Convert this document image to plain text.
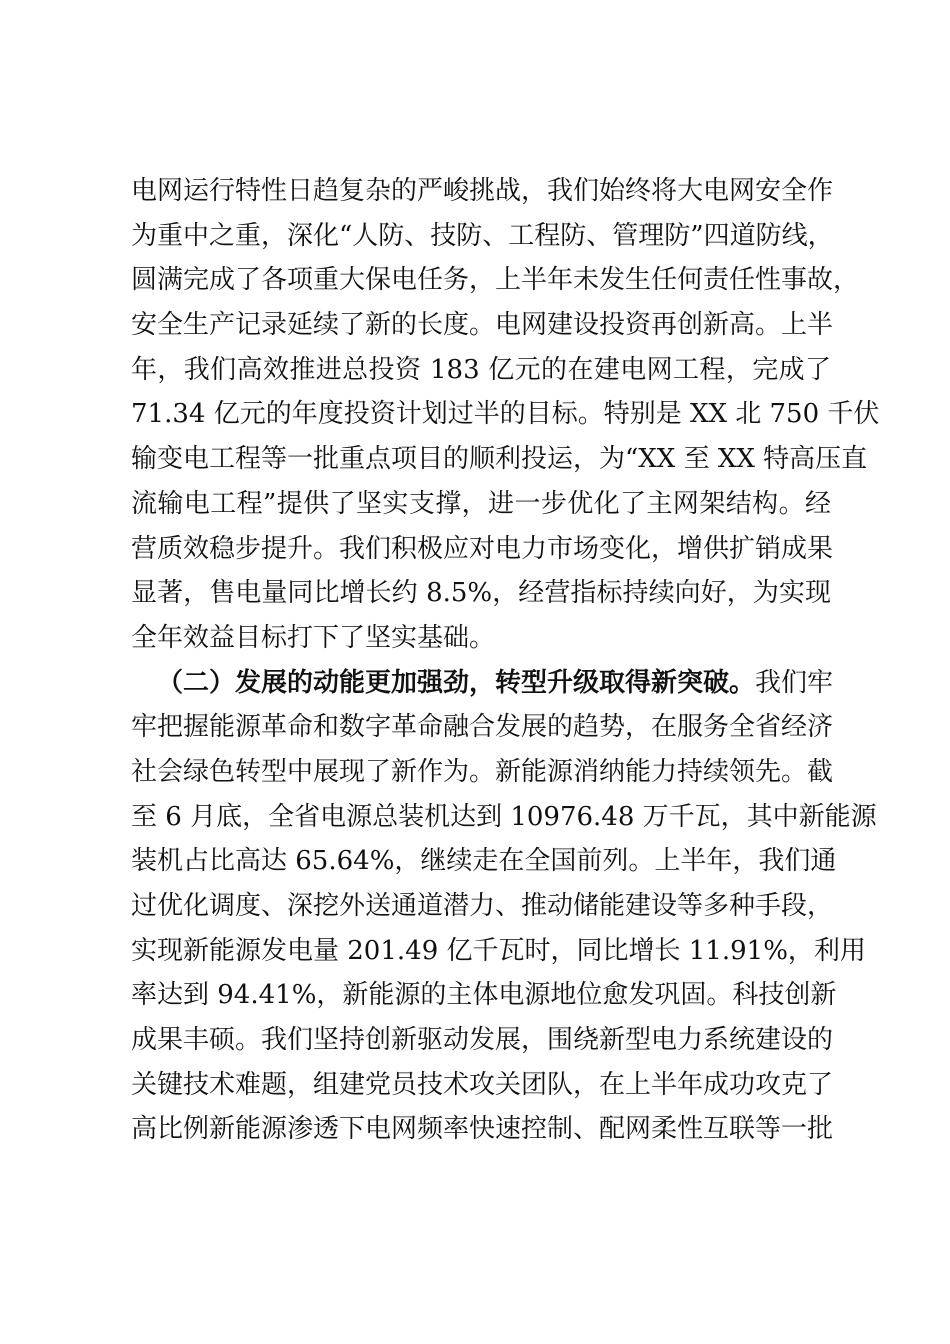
电网运行特性日趋复杂的严峻挑战，我们始终将大电网安全作
为重中之重，深化“人防、技防、工程防、管理防”四道防线，
圆满完成了各项重大保电任务，上半年未发生任何责任性事故，
安全生产记录延续了新的长度。电网建设投资再创新高。上半
年，我们高效推进总投资 183 亿元的在建电网工程，完成了
71.34 亿元的年度投资计划过半的目标。特别是 XX 北 750 千伏
输变电工程等一批重点项目的顺利投运，为“XX 至 XX 特高压直
流输电工程”提供了坚实支撑，进一步优化了主网架结构。经
营质效稳步提升。我们积极应对电力市场变化，增供扩销成果
显著，售电量同比增长约 8.5%，经营指标持续向好，为实现
全年效益目标打下了坚实基础。
（二）发展的动能更加强劲，转型升级取得新突破。我们牢
牢把握能源革命和数字革命融合发展的趋势，在服务全省经济
社会绿色转型中展现了新作为。新能源消纳能力持续领先。截
至 6 月底，全省电源总装机达到 10976.48 万千瓦，其中新能源
装机占比高达 65.64%，继续走在全国前列。上半年，我们通
过优化调度、深挖外送通道潜力、推动储能建设等多种手段，
实现新能源发电量 201.49 亿千瓦时，同比增长 11.91%，利用
率达到 94.41%，新能源的主体电源地位愈发巩固。科技创新
成果丰硕。我们坚持创新驱动发展，围绕新型电力系统建设的
关键技术难题，组建党员技术攻关团队，在上半年成功攻克了
高比例新能源渗透下电网频率快速控制、配网柔性互联等一批
